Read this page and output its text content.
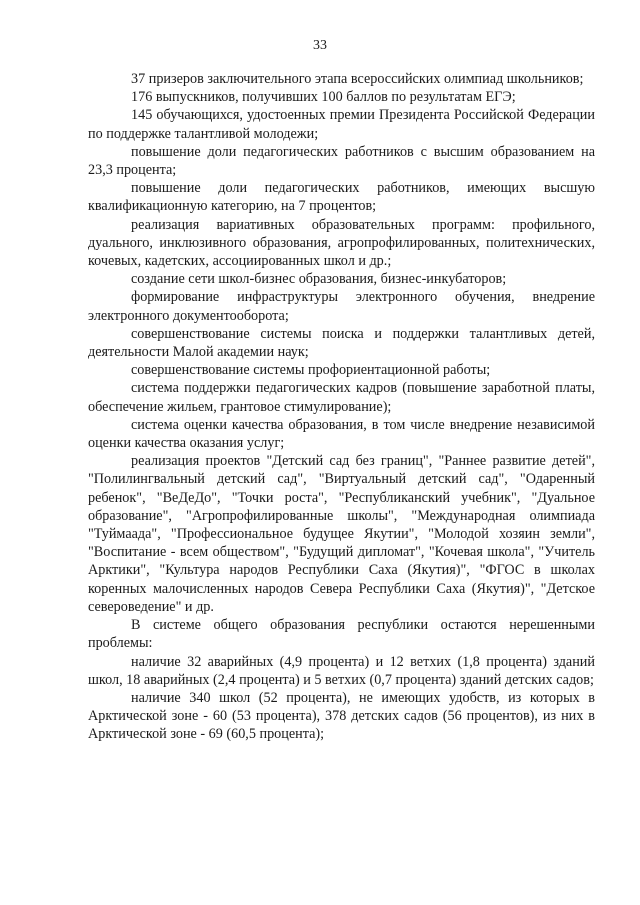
33

37 призеров заключительного этапа всероссийских олимпиад школьников;

176 выпускников, получивших 100 баллов по результатам ЕГЭ;

145 обучающихся, удостоенных премии Президента Российской Федерации по поддержке талантливой молодежи;

повышение доли педагогических работников с высшим образованием на 23,3 процента;

повышение доли педагогических работников, имеющих высшую квалификационную категорию, на 7 процентов;

реализация вариативных образовательных программ: профильного, дуального, инклюзивного образования, агропрофилированных, политехнических, кочевых, кадетских, ассоциированных школ и др.;

создание сети школ-бизнес образования, бизнес-инкубаторов;

формирование инфраструктуры электронного обучения, внедрение электронного документооборота;

совершенствование системы поиска и поддержки талантливых детей, деятельности Малой академии наук;

совершенствование системы профориентационной работы;

система поддержки педагогических кадров (повышение заработной платы, обеспечение жильем, грантовое стимулирование);

система оценки качества образования, в том числе внедрение независимой оценки качества оказания услуг;

реализация проектов "Детский сад без границ", "Раннее развитие детей", "Полилингвальный детский сад", "Виртуальный детский сад", "Одаренный ребенок", "ВеДеДо", "Точки роста", "Республиканский учебник", "Дуальное образование", "Агропрофилированные школы", "Международная олимпиада "Туймаада", "Профессиональное будущее Якутии", "Молодой хозяин земли", "Воспитание - всем обществом", "Будущий дипломат", "Кочевая школа", "Учитель Арктики", "Культура народов Республики Саха (Якутия)", "ФГОС в школах коренных малочисленных народов Севера Республики Саха (Якутия)", "Детское североведение" и др.

В системе общего образования республики остаются нерешенными проблемы:

наличие 32 аварийных (4,9 процента) и 12 ветхих (1,8 процента) зданий школ, 18 аварийных (2,4 процента) и 5 ветхих (0,7 процента) зданий детских садов;

наличие 340 школ (52 процента), не имеющих удобств, из которых в Арктической зоне - 60 (53 процента), 378 детских садов (56 процентов), из них в Арктической зоне - 69 (60,5 процента);
